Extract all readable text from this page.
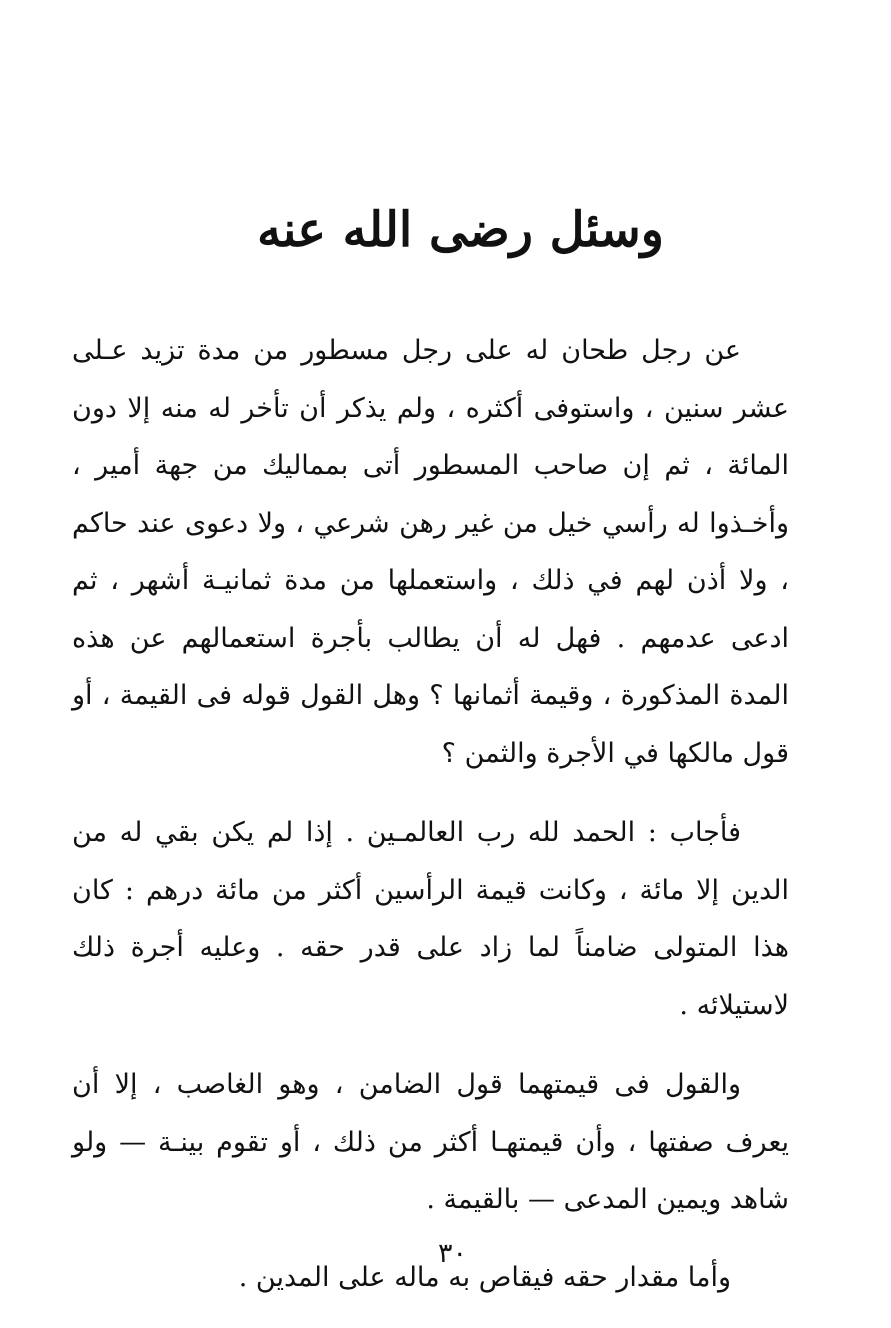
وسئل رضى الله عنه

عن رجل طحان له على رجل مسطور من مدة تزيد عـلى عشر سنين ، واستوفى أكثره ، ولم يذكر أن تأخر له منه إلا دون المائة ، ثم إن صاحب المسطور أتى بمماليك من جهة أمير ، وأخـذوا له رأسي خيل من غير رهن شرعي ، ولا دعوى عند حاكم ، ولا أذن لهم في ذلك ، واستعملها من مدة ثمانيـة أشهر ، ثم ادعى عدمهم . فهل له أن يطالب بأجرة استعمالهم عن هذه المدة المذكورة ، وقيمة أثمانها ؟ وهل القول قوله فى القيمة ، أو قول مالكها في الأجرة والثمن ؟

فأجاب : الحمد لله رب العالمـين . إذا لم يكن بقي له من الدين إلا مائة ، وكانت قيمة الرأسين أكثر من مائة درهم : كان هذا المتولى ضامناً لما زاد على قدر حقه . وعليه أجرة ذلك لاستيلائه .

والقول فى قيمتهما قول الضامن ، وهو الغاصب ، إلا أن يعرف صفتها ، وأن قيمتهـا أكثر من ذلك ، أو تقوم بينـة — ولو شاهد ويمين المدعى — بالقيمة .

وأما مقدار حقه فيقاص به ماله على المدين .

٣٠
